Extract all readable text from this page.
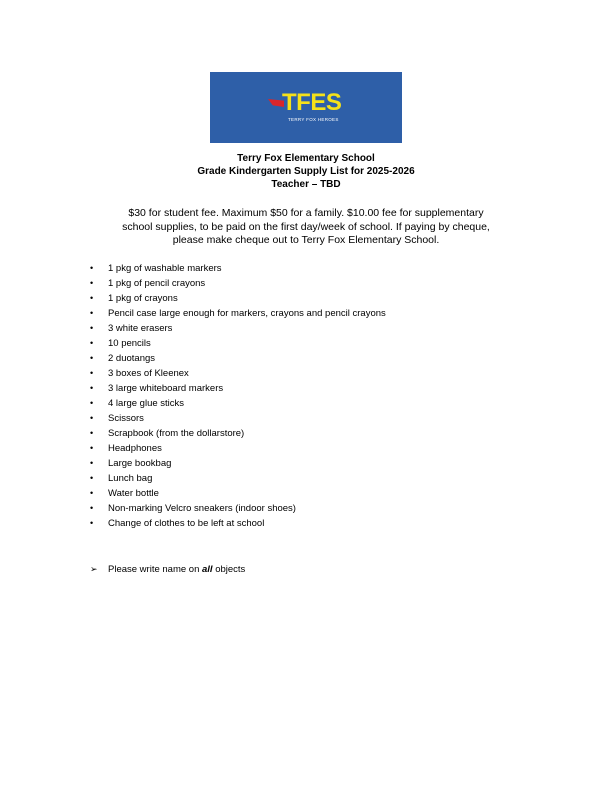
TFES
TERRY FOX HEROES
Terry Fox Elementary School
Grade Kindergarten Supply List for 2025-2026
Teacher – TBD
$30 for student fee. Maximum $50 for a family. $10.00 fee for supplementary school supplies, to be paid on the first day/week of school. If paying by cheque, please make cheque out to Terry Fox Elementary School.
• 1 pkg of washable markers
• 1 pkg of pencil crayons
• 1 pkg of crayons
• Pencil case large enough for markers, crayons and pencil crayons
• 3 white erasers
• 10 pencils
• 2 duotangs
• 3 boxes of Kleenex
• 3 large whiteboard markers
• 4 large glue sticks
• Scissors
• Scrapbook (from the dollarstore)
• Headphones
• Large bookbag
• Lunch bag
• Water bottle
• Non-marking Velcro sneakers (indoor shoes)
• Change of clothes to be left at school
➢ Please write name on all objects
